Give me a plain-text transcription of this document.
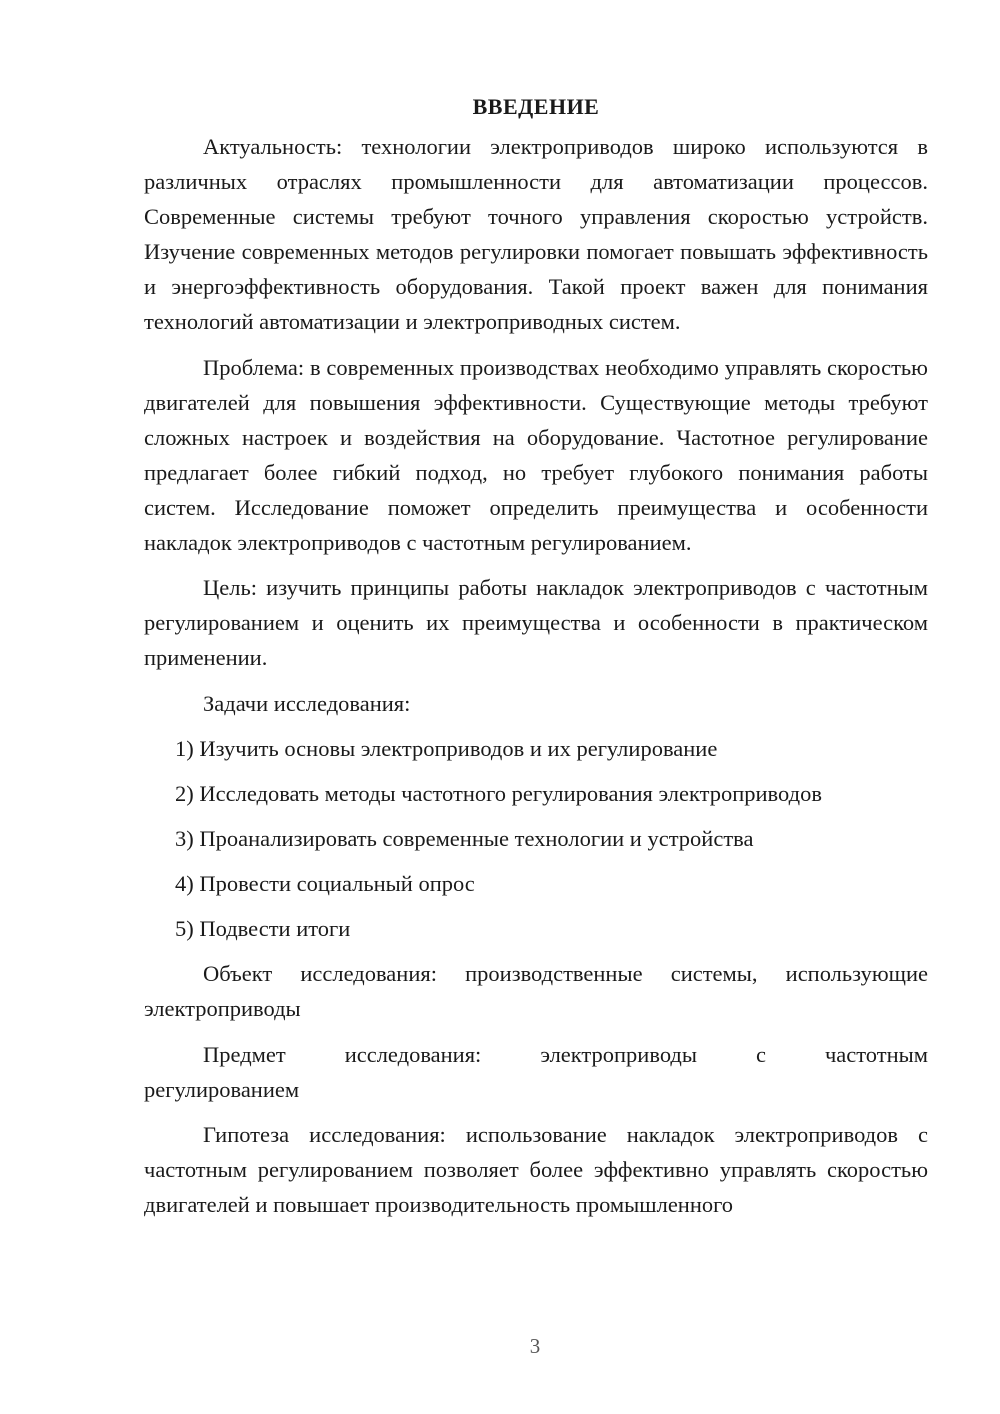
ВВЕДЕНИЕ

Актуальность: технологии электроприводов широко используются в различных отраслях промышленности для автоматизации процессов. Современные системы требуют точного управления скоростью устройств. Изучение современных методов регулировки помогает повышать эффективность и энергоэффективность оборудования. Такой проект важен для понимания технологий автоматизации и электроприводных систем.

Проблема: в современных производствах необходимо управлять скоростью двигателей для повышения эффективности. Существующие методы требуют сложных настроек и воздействия на оборудование. Частотное регулирование предлагает более гибкий подход, но требует глубокого понимания работы систем. Исследование поможет определить преимущества и особенности накладок электроприводов с частотным регулированием.

Цель: изучить принципы работы накладок электроприводов с частотным регулированием и оценить их преимущества и особенности в практическом применении.

Задачи исследования:

1) Изучить основы электроприводов и их регулирование
2) Исследовать методы частотного регулирования электроприводов
3) Проанализировать современные технологии и устройства
4) Провести социальный опрос
5) Подвести итоги

Объект исследования: производственные системы, использующие электроприводы

Предмет	исследования:	электроприводы	с	частотным
регулированием

Гипотеза исследования: использование накладок электроприводов с частотным регулированием позволяет более эффективно управлять скоростью двигателей и повышает производительность промышленного

3
